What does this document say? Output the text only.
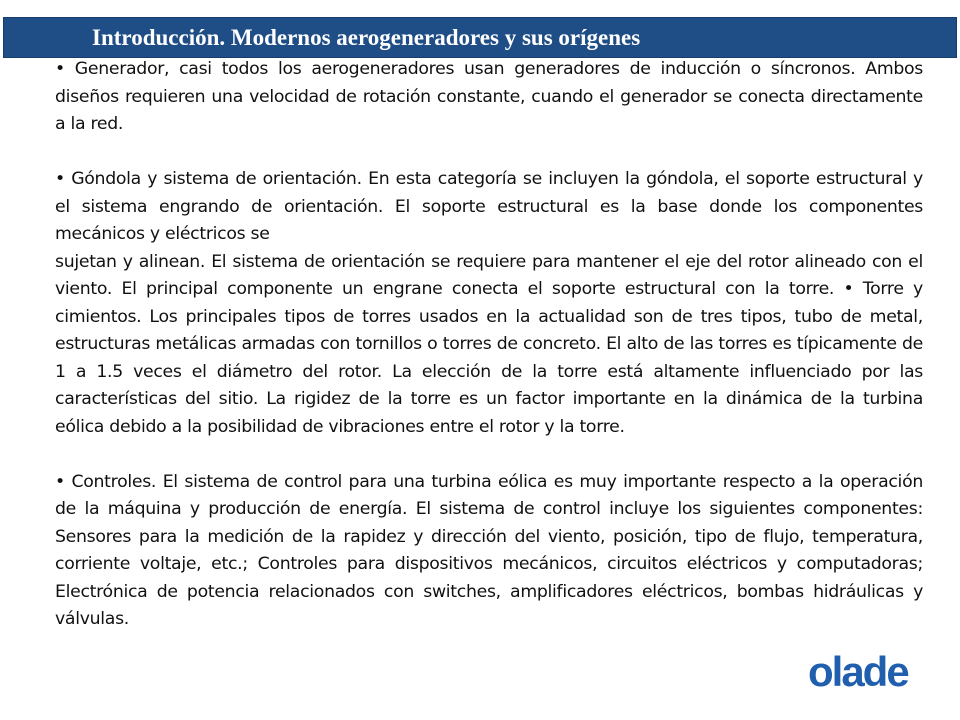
Introducción. Modernos aerogeneradores y sus orígenes

• Generador, casi todos los aerogeneradores usan generadores de inducción o síncronos. Ambos diseños requieren una velocidad de rotación constante, cuando el generador se conecta directamente a la red.

• Góndola y sistema de orientación. En esta categoría se incluyen la góndola, el soporte estructural y el sistema engrando de orientación. El soporte estructural es la base donde los componentes mecánicos y eléctricos se

sujetan y alinean. El sistema de orientación se requiere para mantener el eje del rotor alineado con el viento. El principal componente un engrane conecta el soporte estructural con la torre. • Torre y cimientos. Los principales tipos de torres usados en la actualidad son de tres tipos, tubo de metal, estructuras metálicas armadas con tornillos o torres de concreto. El alto de las torres es típicamente de 1 a 1.5 veces el diámetro del rotor. La elección de la torre está altamente influenciado por las características del sitio. La rigidez de la torre es un factor importante en la dinámica de la turbina eólica debido a la posibilidad de vibraciones entre el rotor y la torre.

• Controles. El sistema de control para una turbina eólica es muy importante respecto a la operación de la máquina y producción de energía. El sistema de control incluye los siguientes componentes: Sensores para la medición de la rapidez y dirección del viento, posición, tipo de flujo, temperatura, corriente voltaje, etc.; Controles para dispositivos mecánicos, circuitos eléctricos y computadoras; Electrónica de potencia relacionados con switches, amplificadores eléctricos, bombas hidráulicas y válvulas.

olade
